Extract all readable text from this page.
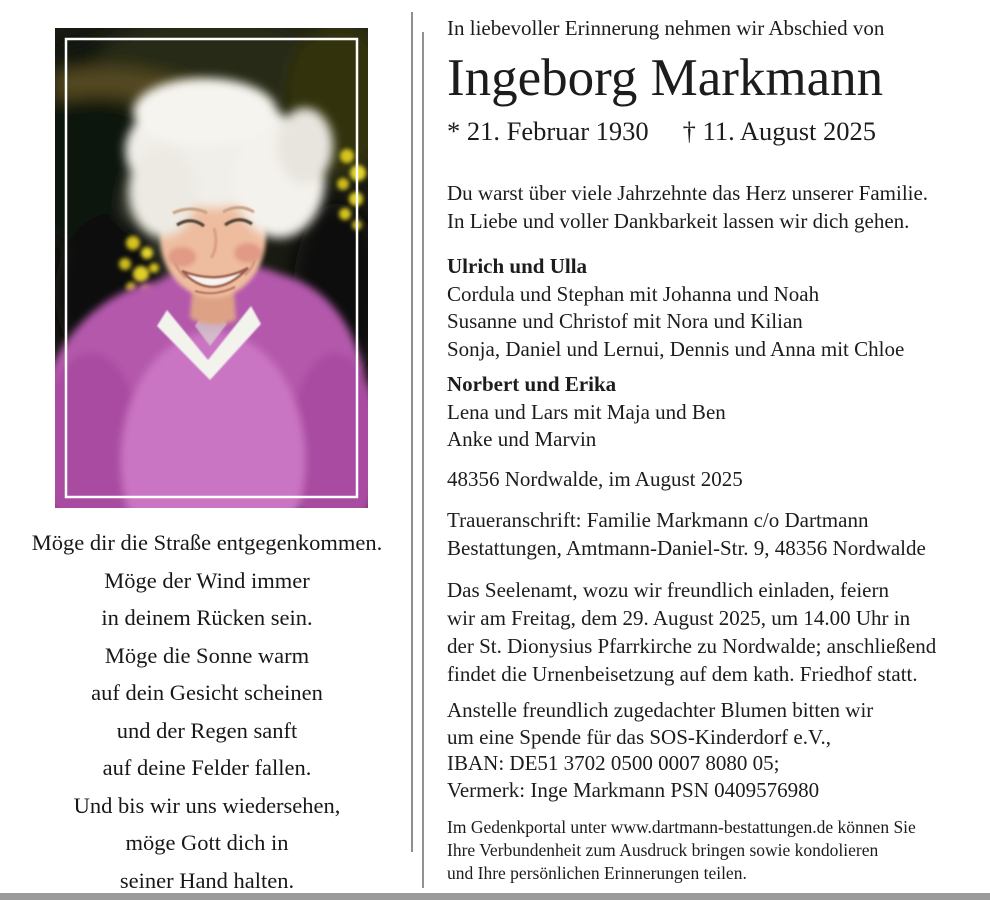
Möge dir die Straße entgegenkommen.
Möge der Wind immer
in deinem Rücken sein.
Möge die Sonne warm
auf dein Gesicht scheinen
und der Regen sanft
auf deine Felder fallen.
Und bis wir uns wiedersehen,
möge Gott dich in
seiner Hand halten.
In liebevoller Erinnerung nehmen wir Abschied von
Ingeborg Markmann
* 21. Februar 1930 † 11. August 2025
Du warst über viele Jahrzehnte das Herz unserer Familie.
In Liebe und voller Dankbarkeit lassen wir dich gehen.
Ulrich und Ulla
Cordula und Stephan mit Johanna und Noah
Susanne und Christof mit Nora und Kilian
Sonja, Daniel und Lernui, Dennis und Anna mit Chloe
Norbert und Erika
Lena und Lars mit Maja und Ben
Anke und Marvin
48356 Nordwalde, im August 2025
Traueranschrift: Familie Markmann c/o Dartmann
Bestattungen, Amtmann-Daniel-Str. 9, 48356 Nordwalde
Das Seelenamt, wozu wir freundlich einladen, feiern
wir am Freitag, dem 29. August 2025, um 14.00 Uhr in
der St. Dionysius Pfarrkirche zu Nordwalde; anschließend
findet die Urnenbeisetzung auf dem kath. Friedhof statt.
Anstelle freundlich zugedachter Blumen bitten wir
um eine Spende für das SOS-Kinderdorf e.V.,
IBAN: DE51 3702 0500 0007 8080 05;
Vermerk: Inge Markmann PSN 0409576980
Im Gedenkportal unter www.dartmann-bestattungen.de können Sie
Ihre Verbundenheit zum Ausdruck bringen sowie kondolieren
und Ihre persönlichen Erinnerungen teilen.
